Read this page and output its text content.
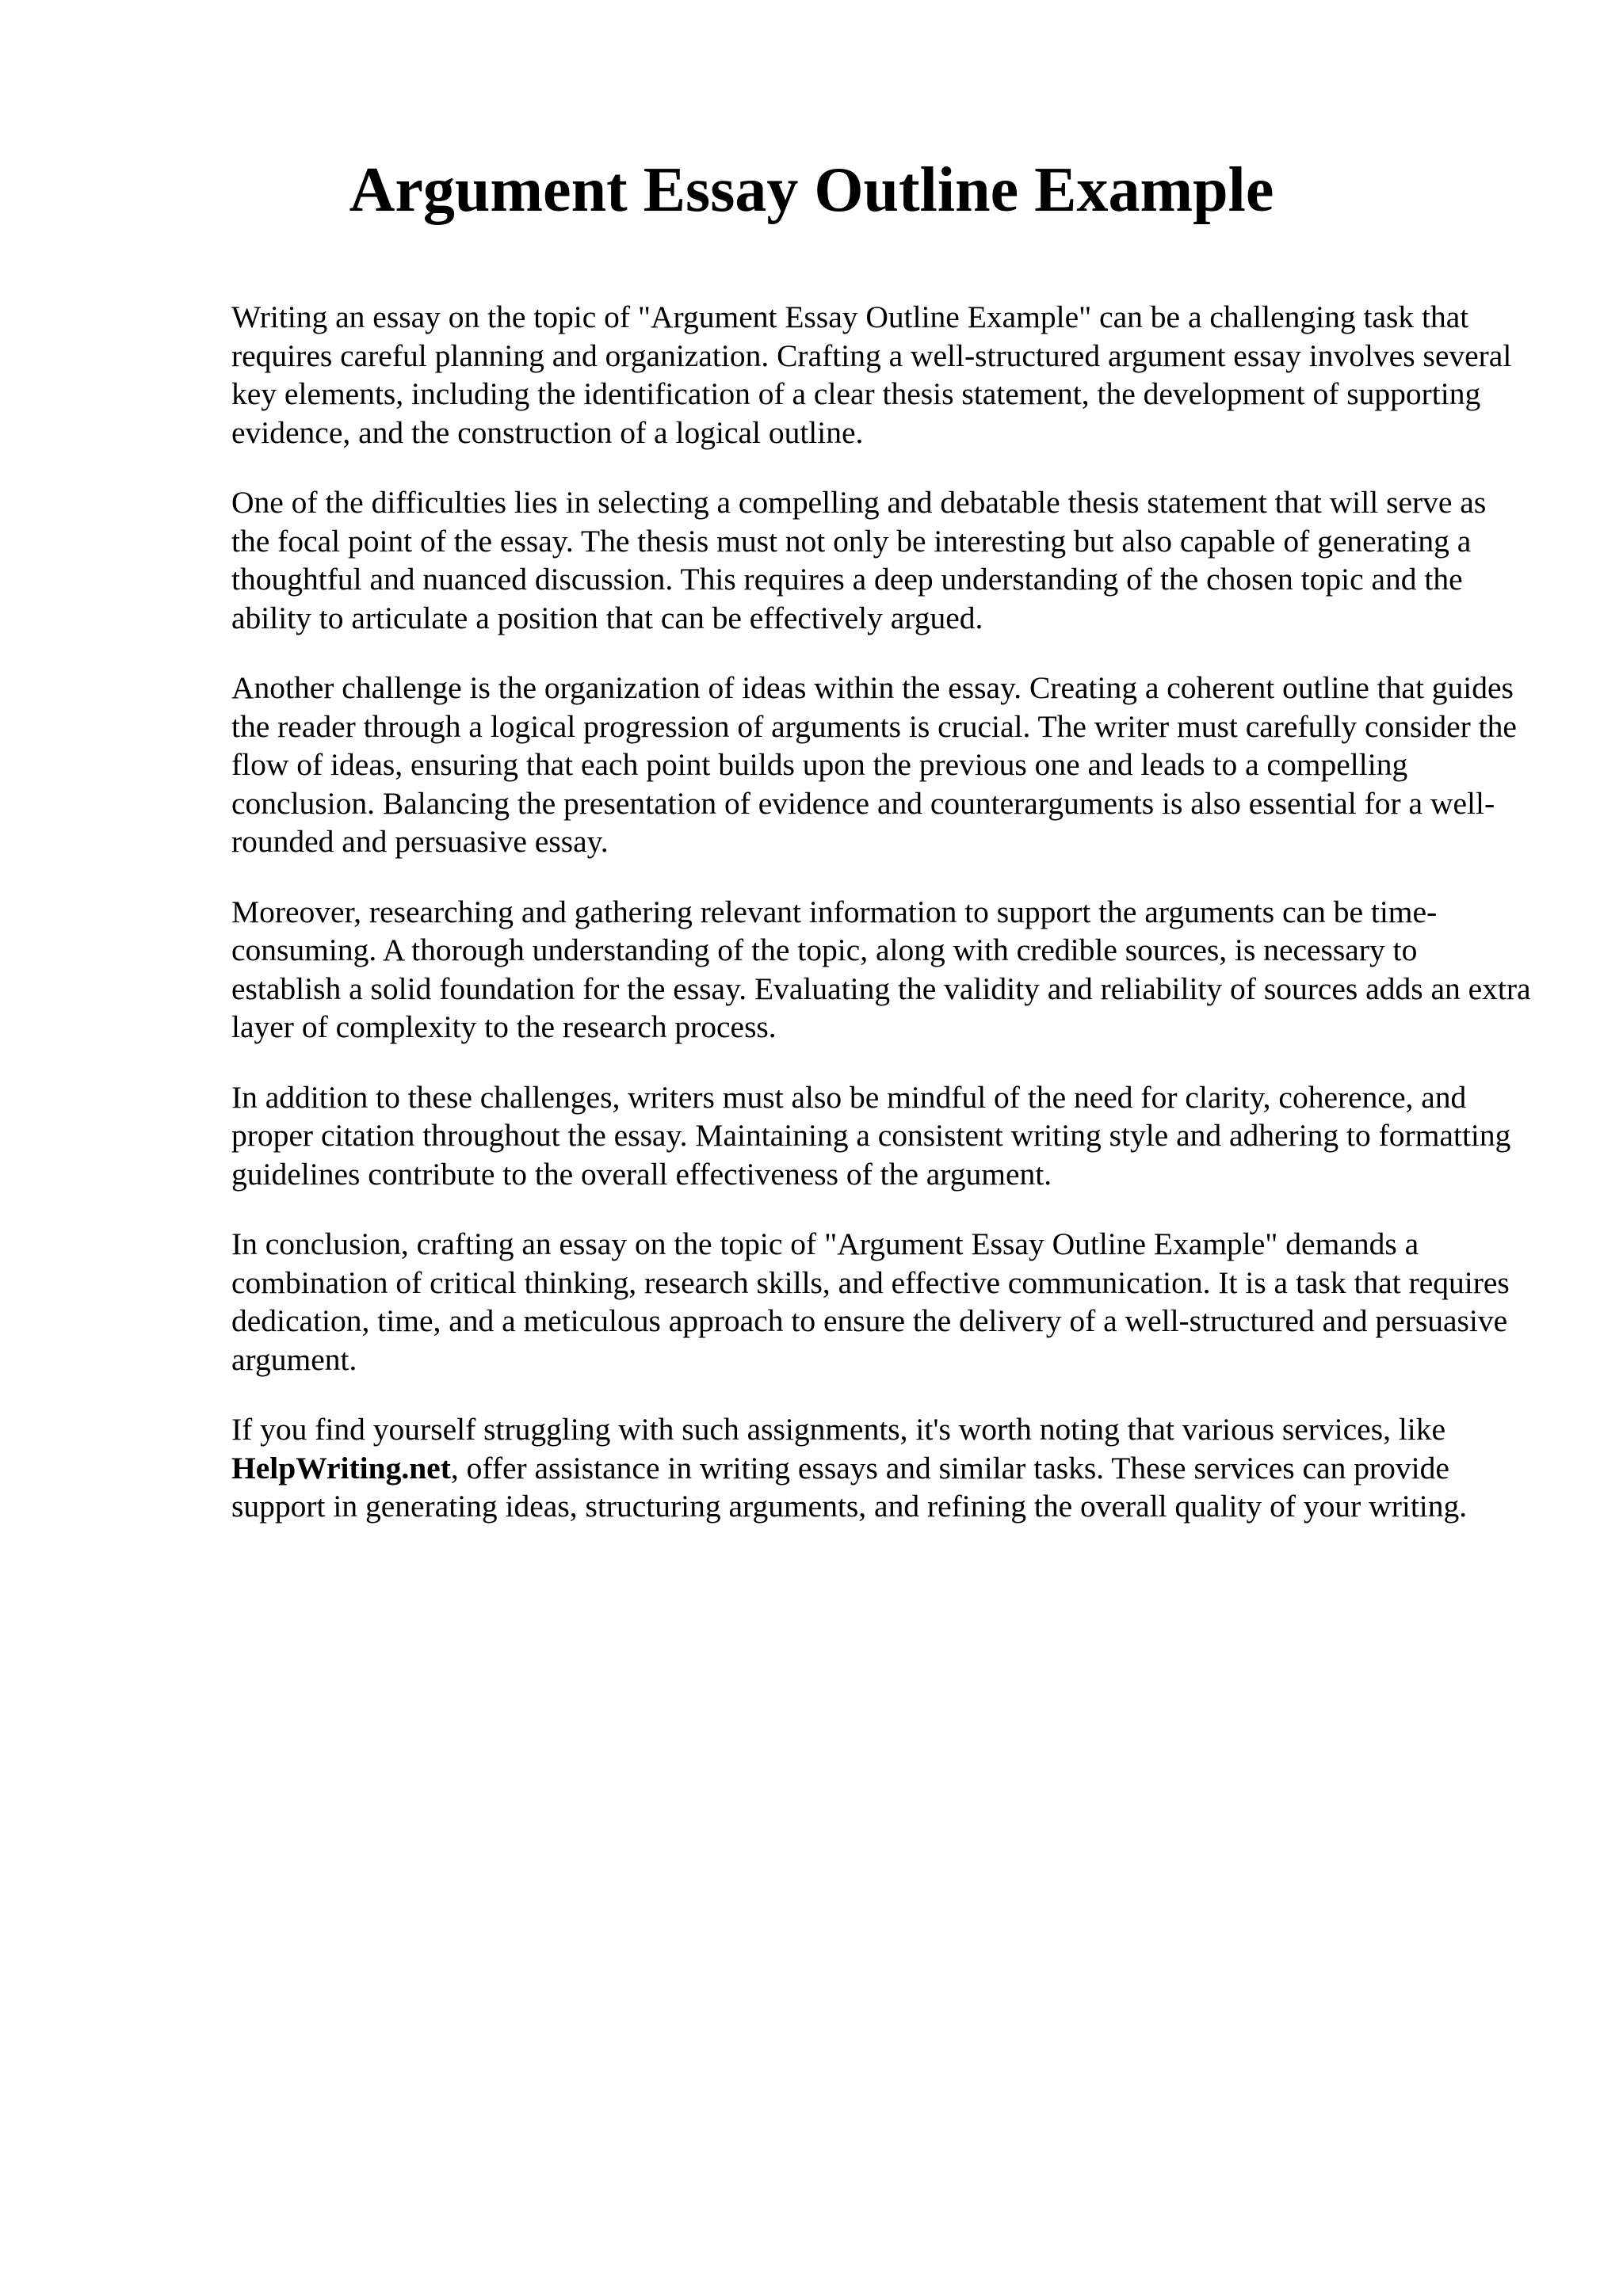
Argument Essay Outline Example

Writing an essay on the topic of "Argument Essay Outline Example" can be a challenging task that requires careful planning and organization. Crafting a well-structured argument essay involves several key elements, including the identification of a clear thesis statement, the development of supporting evidence, and the construction of a logical outline.

One of the difficulties lies in selecting a compelling and debatable thesis statement that will serve as the focal point of the essay. The thesis must not only be interesting but also capable of generating a thoughtful and nuanced discussion. This requires a deep understanding of the chosen topic and the ability to articulate a position that can be effectively argued.

Another challenge is the organization of ideas within the essay. Creating a coherent outline that guides the reader through a logical progression of arguments is crucial. The writer must carefully consider the flow of ideas, ensuring that each point builds upon the previous one and leads to a compelling conclusion. Balancing the presentation of evidence and counterarguments is also essential for a well-rounded and persuasive essay.

Moreover, researching and gathering relevant information to support the arguments can be time-consuming. A thorough understanding of the topic, along with credible sources, is necessary to establish a solid foundation for the essay. Evaluating the validity and reliability of sources adds an extra layer of complexity to the research process.

In addition to these challenges, writers must also be mindful of the need for clarity, coherence, and proper citation throughout the essay. Maintaining a consistent writing style and adhering to formatting guidelines contribute to the overall effectiveness of the argument.

In conclusion, crafting an essay on the topic of "Argument Essay Outline Example" demands a combination of critical thinking, research skills, and effective communication. It is a task that requires dedication, time, and a meticulous approach to ensure the delivery of a well-structured and persuasive argument.

If you find yourself struggling with such assignments, it's worth noting that various services, like HelpWriting.net, offer assistance in writing essays and similar tasks. These services can provide support in generating ideas, structuring arguments, and refining the overall quality of your writing.
